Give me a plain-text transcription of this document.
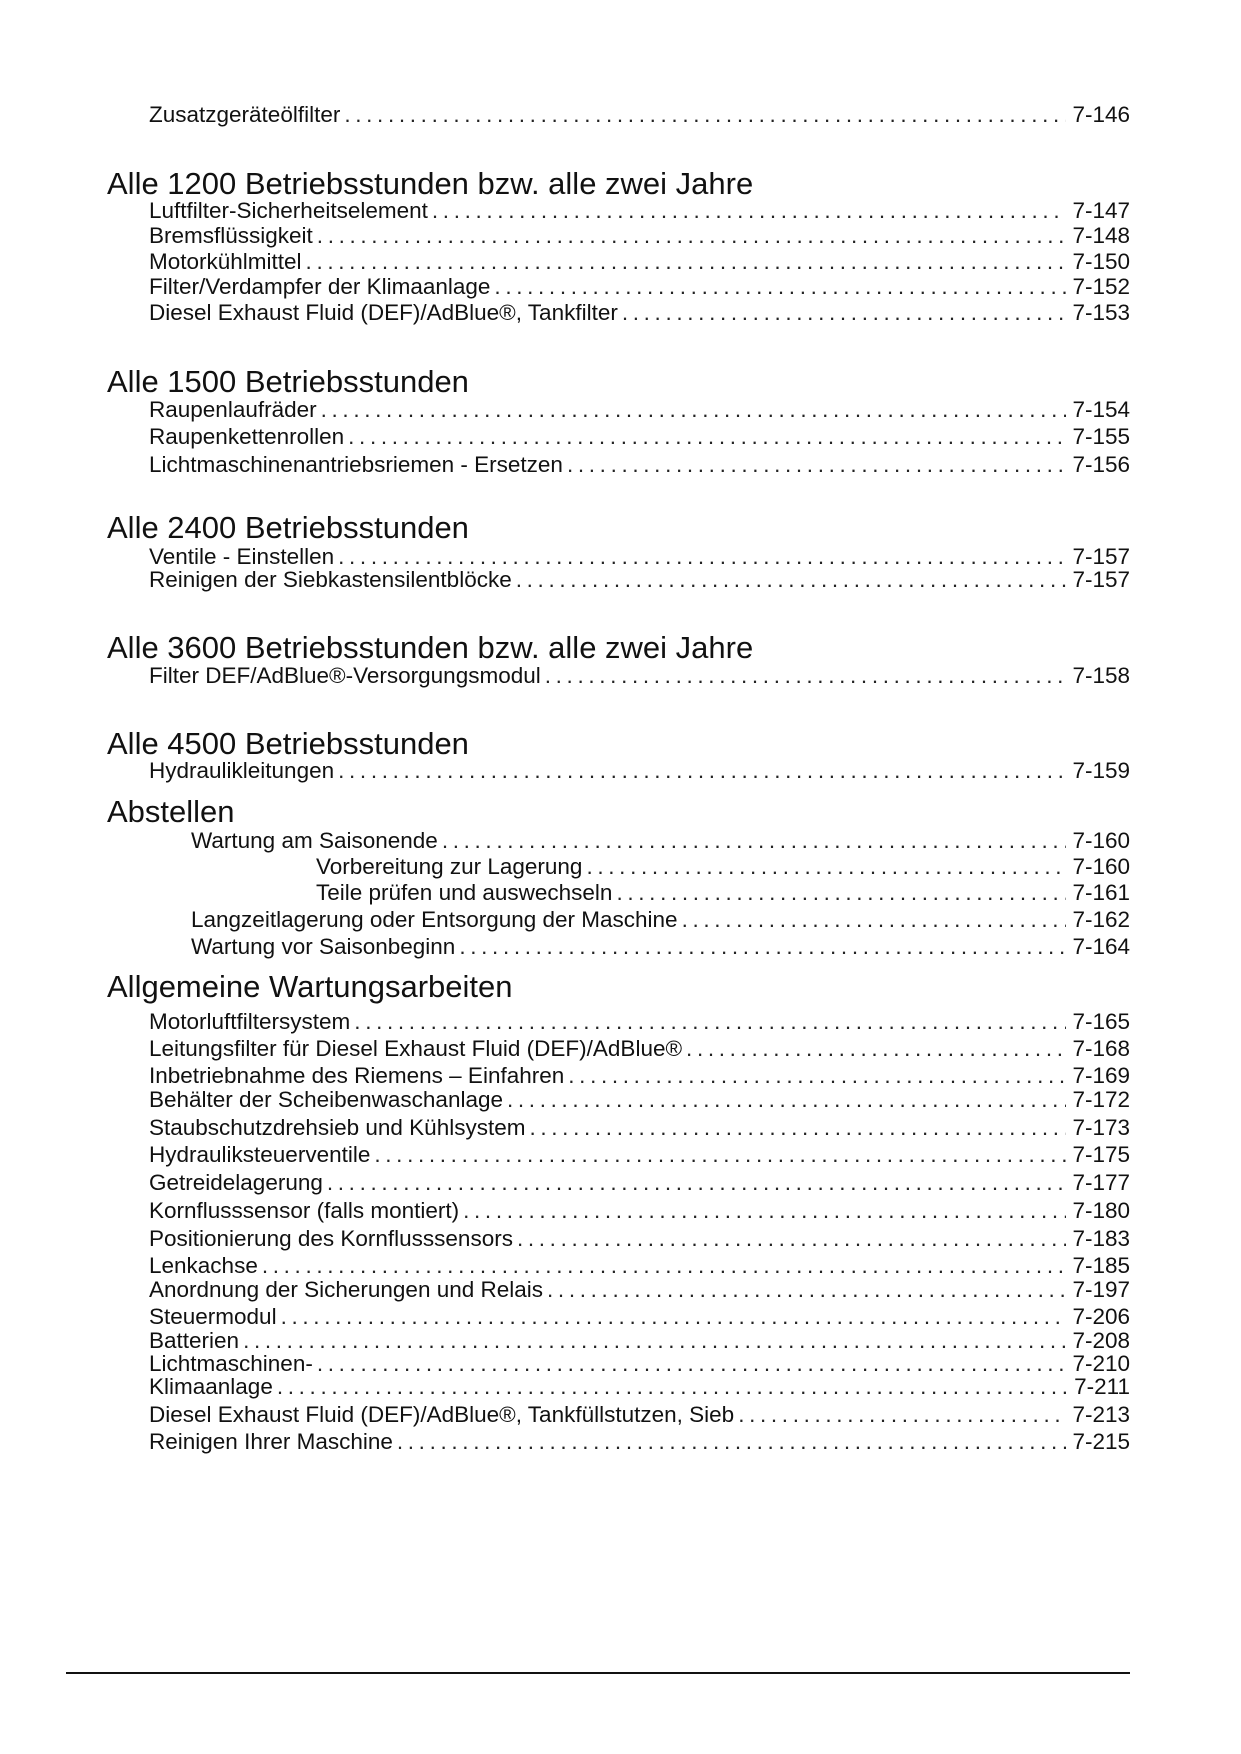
Zusatzgeräteölfilter . . .	7-146
Alle 1200 Betriebsstunden bzw. alle zwei Jahre
Luftfilter-Sicherheitselement . . .	7-147
Bremsflüssigkeit . . .	7-148
Motorkühlmittel . . .	7-150
Filter/Verdampfer der Klimaanlage . . .	7-152
Diesel Exhaust Fluid (DEF)/AdBlue®, Tankfilter . . .	7-153
Alle 1500 Betriebsstunden
Raupenlaufräder . . .	7-154
Raupenkettenrollen . . .	7-155
Lichtmaschinenantriebsriemen - Ersetzen . . .	7-156
Alle 2400 Betriebsstunden
Ventile - Einstellen . . .	7-157
Reinigen der Siebkastensilentblöcke . . .	7-157
Alle 3600 Betriebsstunden bzw. alle zwei Jahre
Filter DEF/AdBlue®-Versorgungsmodul . . .	7-158
Alle 4500 Betriebsstunden
Hydraulikleitungen . . .	7-159
Abstellen
Wartung am Saisonende . . .	7-160
Vorbereitung zur Lagerung . . .	7-160
Teile prüfen und auswechseln . . .	7-161
Langzeitlagerung oder Entsorgung der Maschine . . .	7-162
Wartung vor Saisonbeginn . . .	7-164
Allgemeine Wartungsarbeiten
Motorluftfiltersystem . . .	7-165
Leitungsfilter für Diesel Exhaust Fluid (DEF)/AdBlue® . . .	7-168
Inbetriebnahme des Riemens – Einfahren . . .	7-169
Behälter der Scheibenwaschanlage . . .	7-172
Staubschutzdrehsieb und Kühlsystem . . .	7-173
Hydrauliksteuerventile . . .	7-175
Getreidelagerung . . .	7-177
Kornflusssensor (falls montiert) . . .	7-180
Positionierung des Kornflusssensors . . .	7-183
Lenkachse . . .	7-185
Anordnung der Sicherungen und Relais . . .	7-197
Steuermodul . . .	7-206
Batterien . . .	7-208
Lichtmaschinen- . . .	7-210
Klimaanlage . . .	7-211
Diesel Exhaust Fluid (DEF)/AdBlue®, Tankfüllstutzen, Sieb . . .	7-213
Reinigen Ihrer Maschine . . .	7-215
